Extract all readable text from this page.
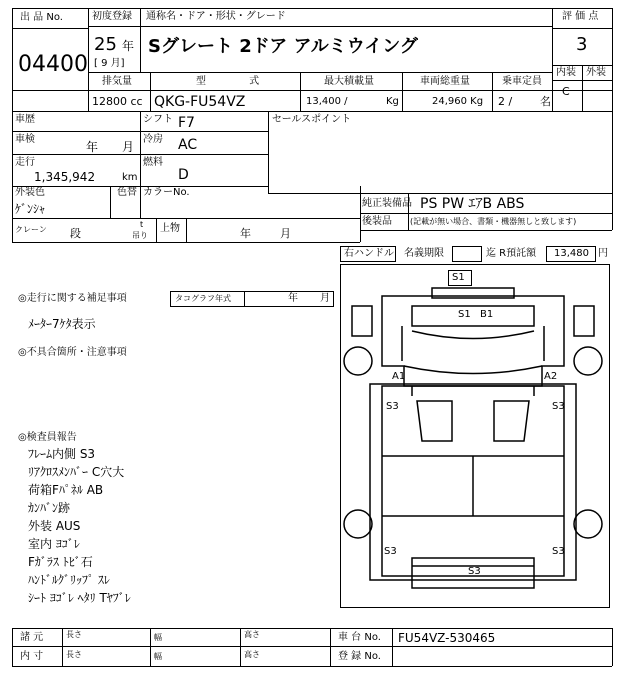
出 品 No.
04400
初度登録
25 年
[ 9 月]
通称名・ドア・形状・グレード
Sグレート 2ドア アルミウイング
評 価 点
3
内装 外装
C
排気量
12800 cc
型 式
QKG-FU54VZ
最大積載量
13,400 /	Kg
車両総重量
24,960 Kg
乗車定員
2 /	名
車歴	シフト F7
車検
年 月
冷房 AC
走行
1,345,942	km
燃料
D
セールスポイント
外装色
ｹﾞﾝｼｬ
色替 カラーNo.
純正装備品 PS PW ｴｱB ABS
後装品 (記載が無い場合、書類・機器無しと致します)
クレーン 段
t
吊り
上物	年	月
右ハンドル 名義期限	迄 R預託額 13,480 円
◎走行に関する補足事項	タコグラフ年式	年 月
ﾒｰﾀｰ7ｹﾀ表示
◎不具合箇所・注意事項
◎検査員報告
ﾌﾚｰﾑ内側 S3
ﾘｱｸﾛｽﾒﾝﾊﾞｰ C穴大
荷箱Fﾊﾟﾈﾙ AB
ｶﾝﾊﾞﾝ跡
外装 AUS
室内 ﾖｺﾞﾚ
Fｶﾞﾗｽ ﾄﾋﾞ石
ﾊﾝﾄﾞﾙｸﾞﾘｯﾌﾟ ｽﾚ
ｼｰﾄ ﾖｺﾞﾚ ﾍﾀﾘ Tﾔﾌﾞﾚ
S1
S1 B1
A1	A2
S3	S3
S3	S3
S3
諸 元
内 寸
長さ
長さ
幅
幅
高さ
高さ
車 台 No. FU54VZ-530465
登 録 No.
